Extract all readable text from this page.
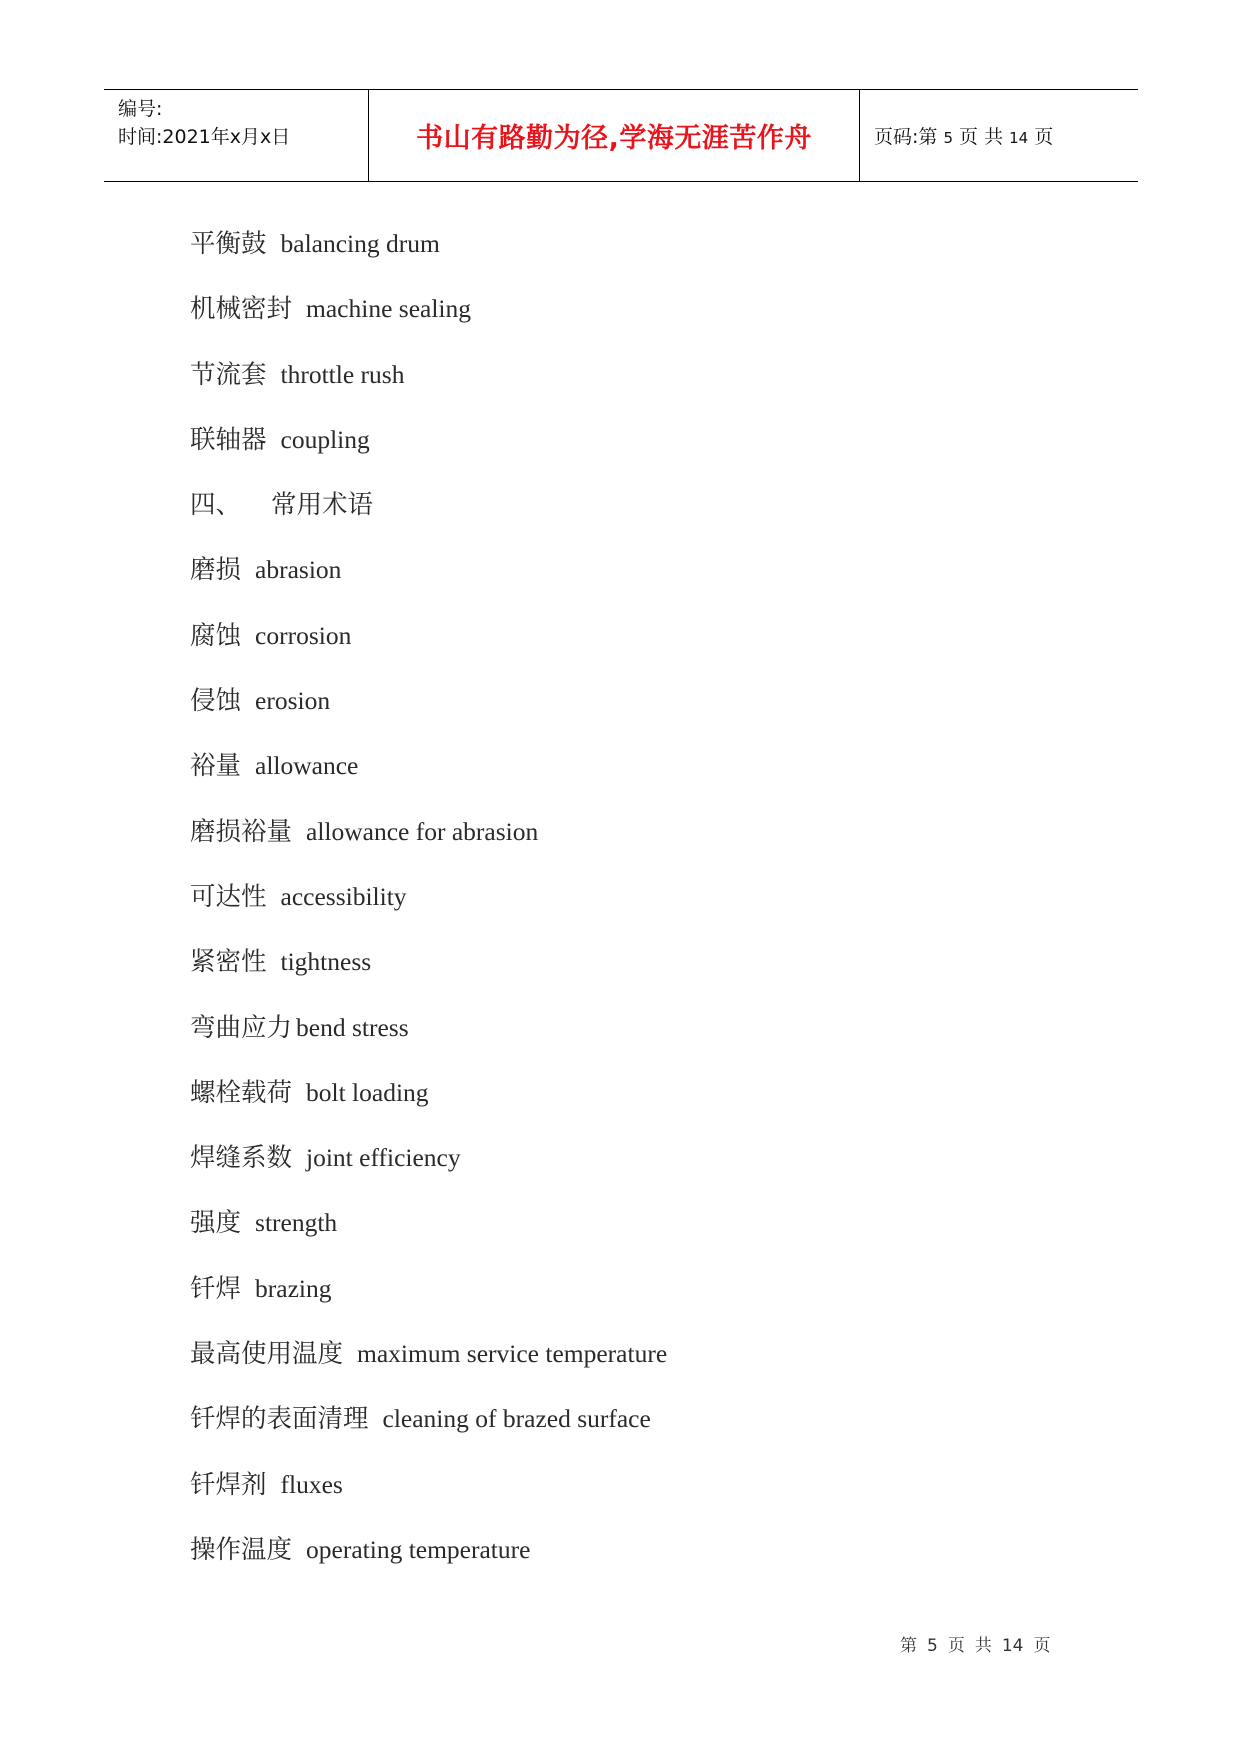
编号:
时间:2021年x月x日	书山有路勤为径,学海无涯苦作舟	页码:第 5 页 共 14 页
平衡鼓 balancing drum
机械密封 machine sealing
节流套 throttle rush
联轴器 coupling
四、 常用术语
磨损 abrasion
腐蚀 corrosion
侵蚀 erosion
裕量 allowance
磨损裕量 allowance for abrasion
可达性 accessibility
紧密性 tightness
弯曲应力 bend stress
螺栓载荷 bolt loading
焊缝系数 joint efficiency
强度 strength
钎焊 brazing
最高使用温度 maximum service temperature
钎焊的表面清理 cleaning of brazed surface
钎焊剂 fluxes
操作温度 operating temperature
第 5 页 共 14 页
